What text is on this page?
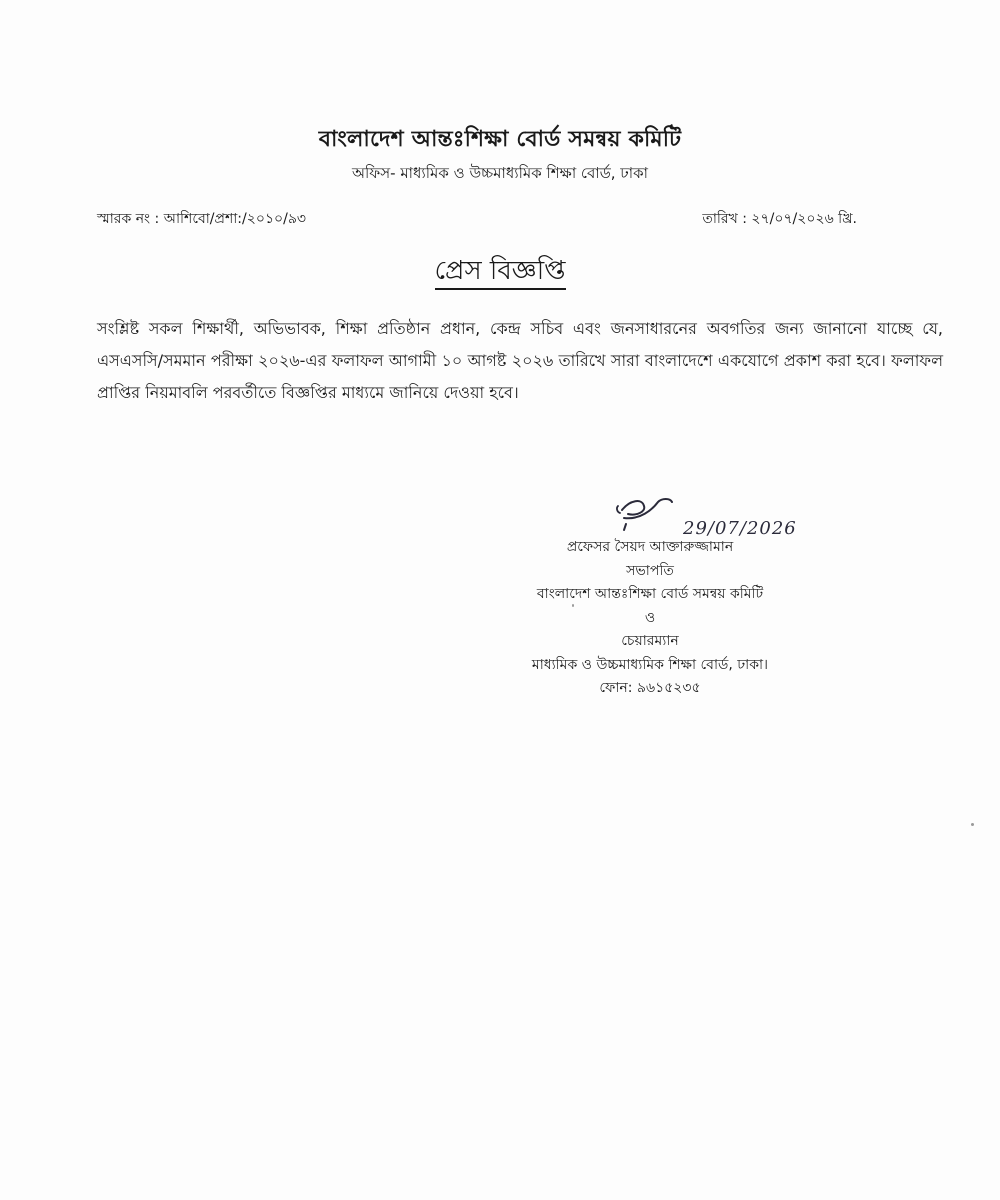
বাংলাদেশ আন্তঃশিক্ষা বোর্ড সমন্বয় কমিটি
অফিস- মাধ্যমিক ও উচ্চমাধ্যমিক শিক্ষা বোর্ড, ঢাকা
স্মারক নং : আশিবো/প্রশা:/২০১০/৯৩	তারিখ : ২৭/০৭/২০২৬ খ্রি.
প্রেস বিজ্ঞপ্তি
সংশ্লিষ্ট সকল শিক্ষার্থী, অভিভাবক, শিক্ষা প্রতিষ্ঠান প্রধান, কেন্দ্র সচিব এবং জনসাধারনের অবগতির জন্য জানানো যাচ্ছে যে, এসএসসি/সমমান পরীক্ষা ২০২৬-এর ফলাফল আগামী ১০ আগষ্ট ২০২৬ তারিখে সারা বাংলাদেশে একযোগে প্রকাশ করা হবে। ফলাফল প্রাপ্তির নিয়মাবলি পরবর্তীতে বিজ্ঞপ্তির মাধ্যমে জানিয়ে দেওয়া হবে।
29/07/2026
প্রফেসর সৈয়দ আক্তারুজ্জামান
সভাপতি
বাংলাদেশ আন্তঃশিক্ষা বোর্ড সমন্বয় কমিটি
ও
চেয়ারম্যান
মাধ্যমিক ও উচ্চমাধ্যমিক শিক্ষা বোর্ড, ঢাকা।
ফোন: ৯৬১৫২৩৫
